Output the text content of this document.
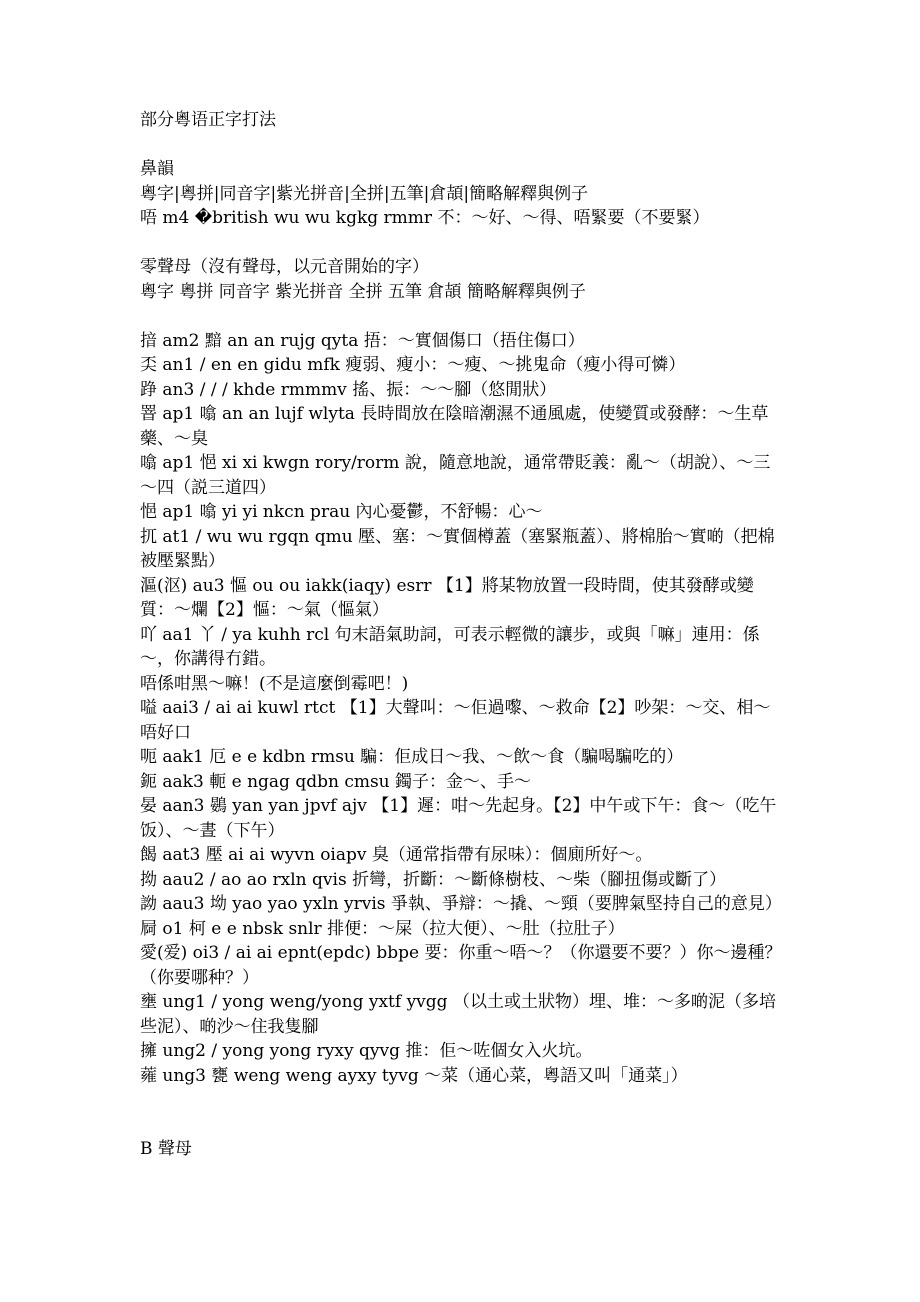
部分粵语正字打法
鼻韻
粵字|粵拼|同音字|紫光拼音|全拼|五筆|倉頡|簡略解釋與例子
唔 m4 �british wu wu kgkg rmmr 不：～好、～得、唔緊要（不要緊）
零聲母（沒有聲母，以元音開始的字）
粵字 粵拼 同音字 紫光拼音 全拼 五筆 倉頡 簡略解釋與例子
揞 am2 黯 an an rujg qyta 捂：～實個傷口（捂住傷口）
奀 an1 / en en gidu mfk 瘦弱、瘦小：～瘦、～挑鬼命（瘦小得可憐）
踭 an3 / / / khde rmmmv 搖、振：～～腳（悠閒狀）
罯 ap1 噏 an an lujf wlyta 長時間放在陰暗潮濕不通風處，使變質或發酵：～生草藥、～臭
噏 ap1 悒 xi xi kwgn rory/rorm 說，隨意地說，通常帶貶義：亂～（胡說）、～三～四（説三道四）
悒 ap1 噏 yi yi nkcn prau 內心憂鬱，不舒暢：心～
扤 at1 / wu wu rgqn qmu 壓、塞：～實個樽蓋（塞緊瓶蓋）、將棉胎～實啲（把棉被壓緊點）
漚(沤) au3 慪 ou ou iakk(iaqy) esrr 【1】將某物放置一段時間，使其發酵或變質：～爛【2】慪：～氣（慪氣）
吖 aa1 丫 / ya kuhh rcl 句末語氣助詞，可表示輕微的讓步，或與「嘛」連用：係～，你講得冇錯。
唔係咁黑～嘛！(不是這麼倒霉吧！)
嗌 aai3 / ai ai kuwl rtct 【1】大聲叫：～佢過嚟、～救命【2】吵架：～交、相～唔好口
呃 aak1 厄 e e kdbn rmsu 騙：佢成日～我、～飲～食（騙喝騙吃的）
鈪 aak3 軛 e ngag qdbn cmsu 鐲子：金～、手～
晏 aan3 鷃 yan yan jpvf ajv 【1】遲：咁～先起身。【2】中午或下午：食～（吃午饭）、～晝（下午）
餲 aat3 壓 ai ai wyvn oiapv 臭（通常指帶有尿味）：個廁所好～。
拗 aau2 / ao ao rxln qvis 折彎，折斷：～斷條樹枝、～柴（腳扭傷或斷了）
詏 aau3 坳 yao yao yxln yrvis 爭執、爭辯：～撬、～頸（要脾氣堅持自己的意見）
屙 o1 柯 e e nbsk snlr 排便：～屎（拉大便）、～肚（拉肚子）
愛(爱) oi3 / ai ai epnt(epdc) bbpe 要：你重～唔～？（你還要不要？）你～邊種？（你要哪种？）
壅 ung1 / yong weng/yong yxtf yvgg （以土或土狀物）埋、堆：～多啲泥（多培些泥）、啲沙～住我隻腳
擁 ung2 / yong yong ryxy qyvg 推：佢～咗個女入火坑。
蕹 ung3 甕 weng weng ayxy tyvg ～菜（通心菜，粵語又叫「通菜」）
B 聲母
